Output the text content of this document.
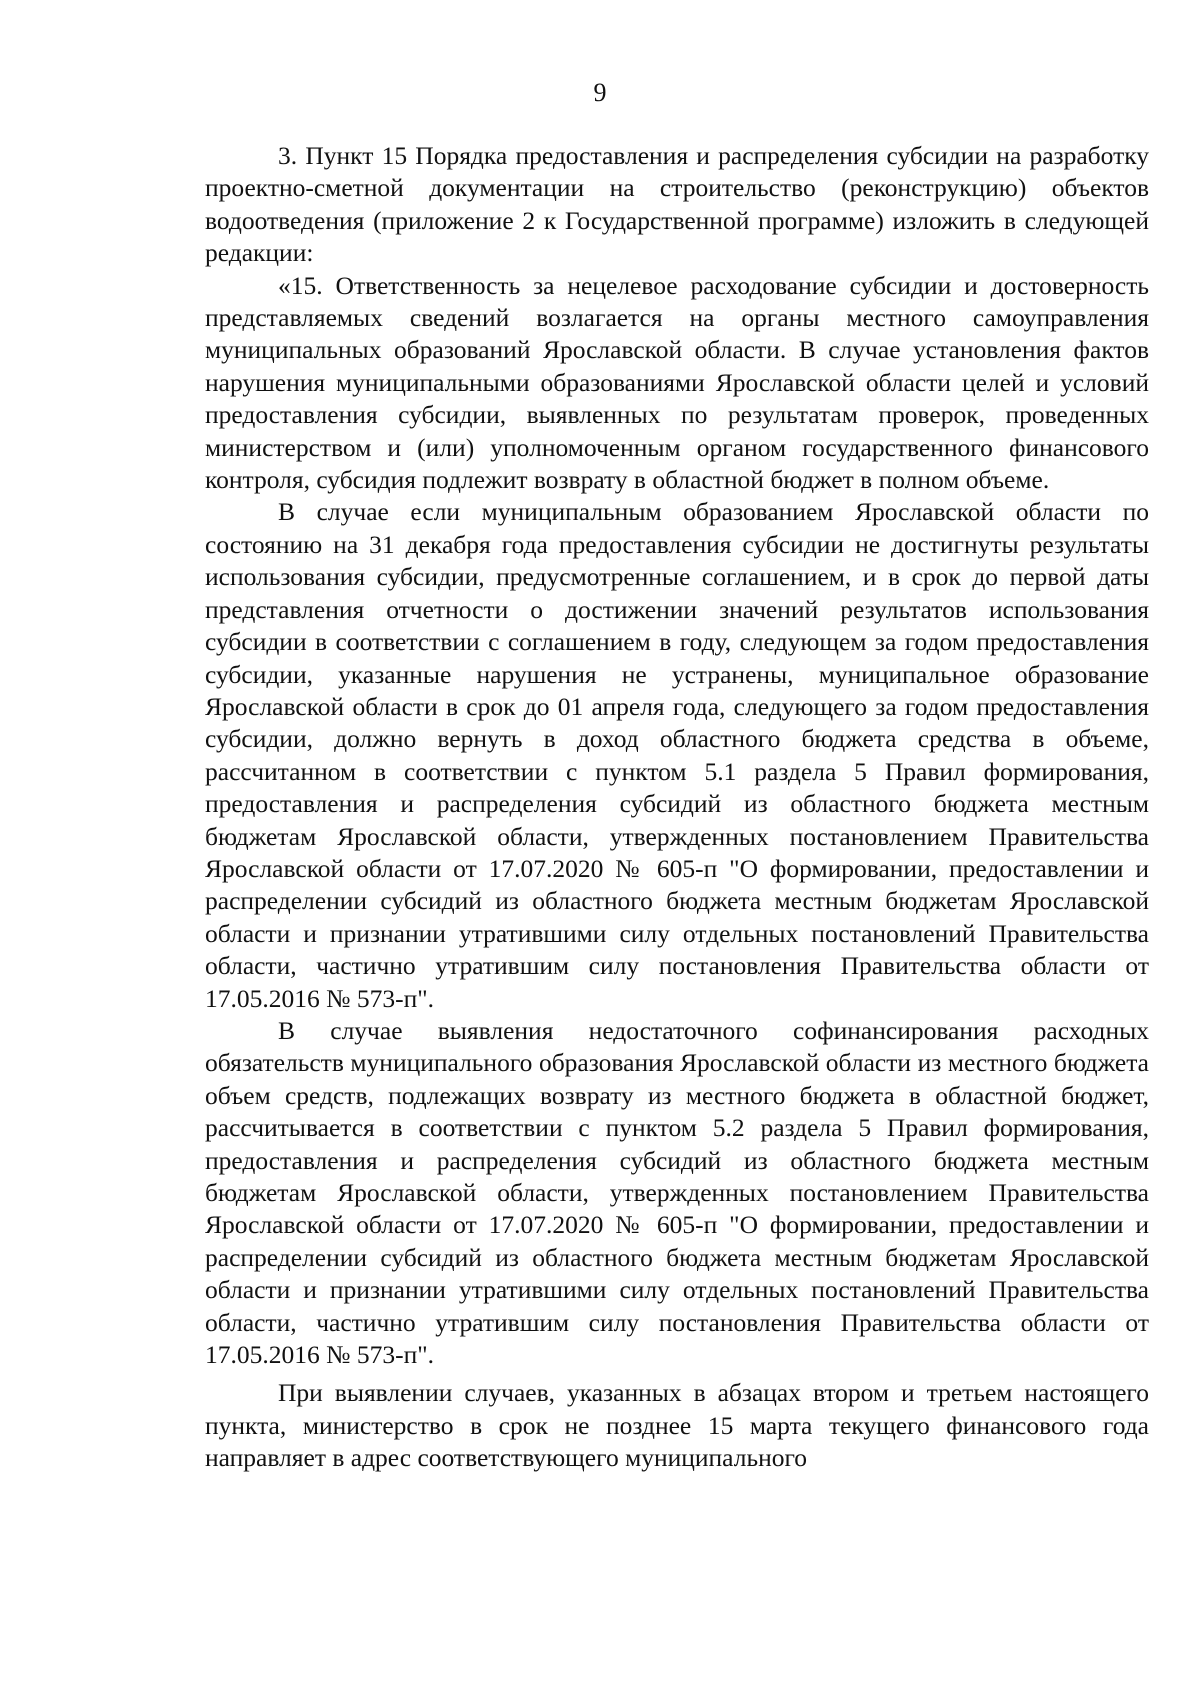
9

3. Пункт 15 Порядка предоставления и распределения субсидии на разработку проектно-сметной документации на строительство (реконструкцию) объектов водоотведения (приложение 2 к Государственной программе) изложить в следующей редакции:

«15. Ответственность за нецелевое расходование субсидии и достоверность представляемых сведений возлагается на органы местного самоуправления муниципальных образований Ярославской области. В случае установления фактов нарушения муниципальными образованиями Ярославской области целей и условий предоставления субсидии, выявленных по результатам проверок, проведенных министерством и (или) уполномоченным органом государственного финансового контроля, субсидия подлежит возврату в областной бюджет в полном объеме.

В случае если муниципальным образованием Ярославской области по состоянию на 31 декабря года предоставления субсидии не достигнуты результаты использования субсидии, предусмотренные соглашением, и в срок до первой даты представления отчетности о достижении значений результатов использования субсидии в соответствии с соглашением в году, следующем за годом предоставления субсидии, указанные нарушения не устранены, муниципальное образование Ярославской области в срок до 01 апреля года, следующего за годом предоставления субсидии, должно вернуть в доход областного бюджета средства в объеме, рассчитанном в соответствии с пунктом 5.1 раздела 5 Правил формирования, предоставления и распределения субсидий из областного бюджета местным бюджетам Ярославской области, утвержденных постановлением Правительства Ярославской области от 17.07.2020 № 605-п "О формировании, предоставлении и распределении субсидий из областного бюджета местным бюджетам Ярославской области и признании утратившими силу отдельных постановлений Правительства области, частично утратившим силу постановления Правительства области от 17.05.2016 № 573-п".

В случае выявления недостаточного софинансирования расходных обязательств муниципального образования Ярославской области из местного бюджета объем средств, подлежащих возврату из местного бюджета в областной бюджет, рассчитывается в соответствии с пунктом 5.2 раздела 5 Правил формирования, предоставления и распределения субсидий из областного бюджета местным бюджетам Ярославской области, утвержденных постановлением Правительства Ярославской области от 17.07.2020 № 605-п "О формировании, предоставлении и распределении субсидий из областного бюджета местным бюджетам Ярославской области и признании утратившими силу отдельных постановлений Правительства области, частично утратившим силу постановления Правительства области от 17.05.2016 № 573-п".

При выявлении случаев, указанных в абзацах втором и третьем настоящего пункта, министерство в срок не позднее 15 марта текущего финансового года направляет в адрес соответствующего муниципального
